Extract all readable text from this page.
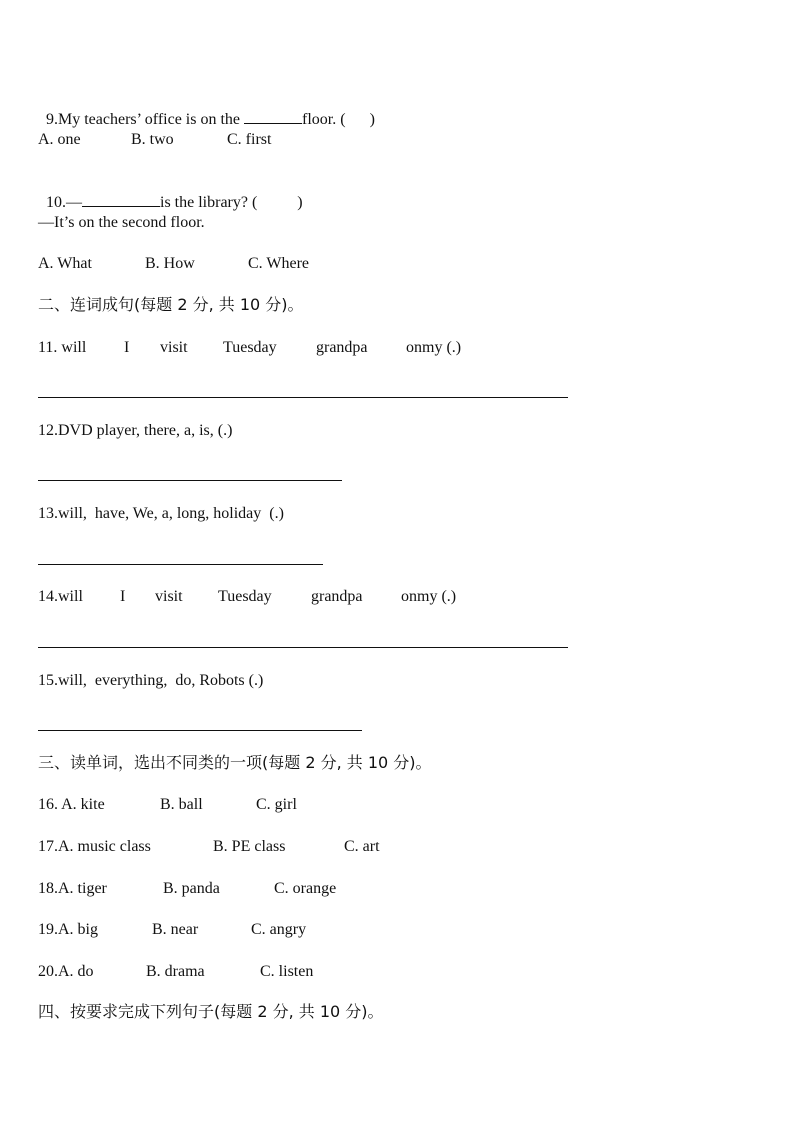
9.My teachers’ office is on the	floor. ( )

A. one

	B. two

	C. first

10.—	is the library? (	)

—It’s on the second floor.

A. What

	B. How

	C. Where

二、连词成句(每题 2 分, 共 10 分)。

11. will

I

visit

Tuesday

grandpa

onmy (.)

12.DVD player, there, a, is, (.)
13.will,  have, We, a, long, holiday  (.)

14.will

I

visit

Tuesday

grandpa

onmy (.)

15.will,  everything,  do, Robots (.)
三、读单词，选出不同类的一项(每题 2 分, 共 10 分)。

16. A. kite

	B. ball

	C. girl

17.A. music class

	B. PE class

	C. art

18.A. tiger

	B. panda

	C. orange

19.A. big

	B. near

	C. angry

20.A. do

	B. drama

	C. listen

四、按要求完成下列句子(每题 2 分, 共 10 分)。
